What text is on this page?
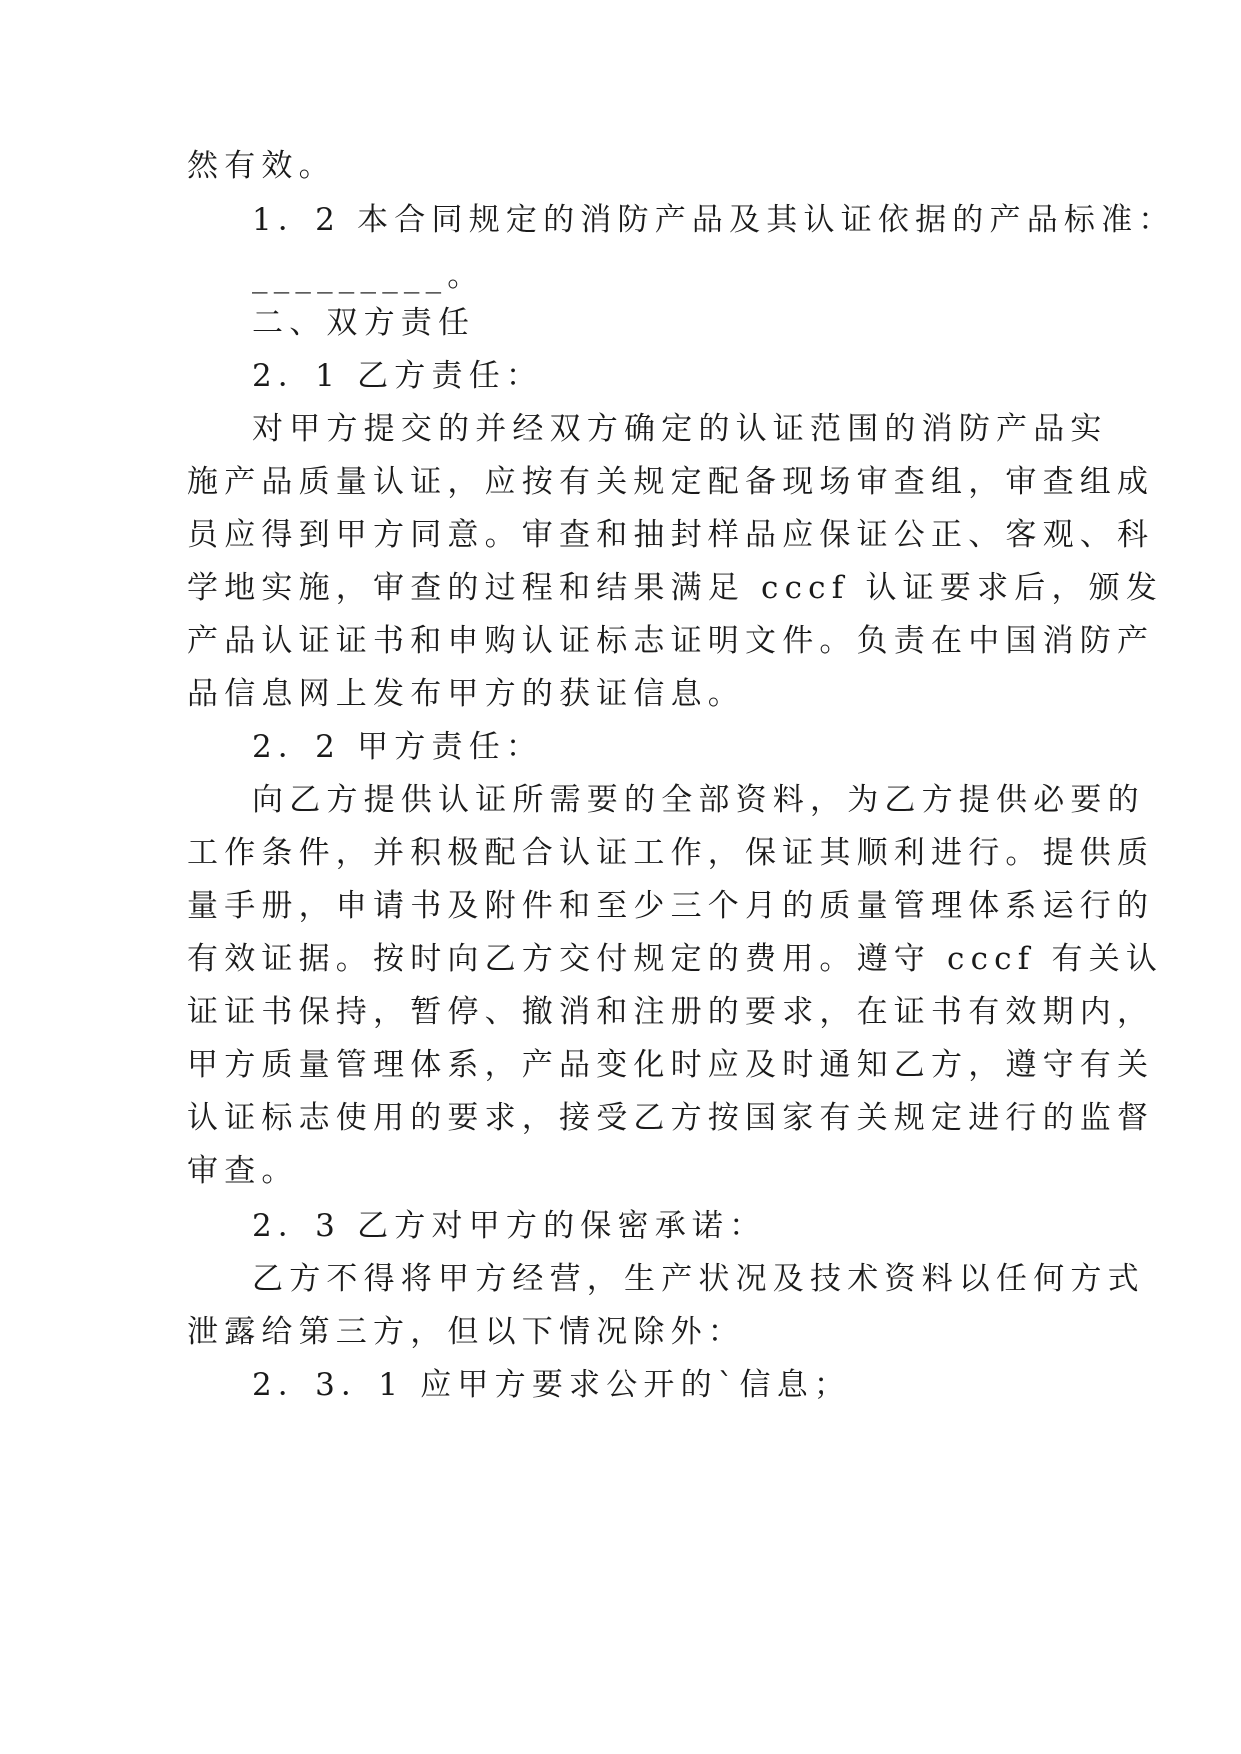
然有效。
1．2 本合同规定的消防产品及其认证依据的产品标准：
_________。
二、双方责任
2．1 乙方责任：
对甲方提交的并经双方确定的认证范围的消防产品实
施产品质量认证，应按有关规定配备现场审查组，审查组成
员应得到甲方同意。审查和抽封样品应保证公正、客观、科
学地实施，审查的过程和结果满足 cccf 认证要求后，颁发
产品认证证书和申购认证标志证明文件。负责在中国消防产
品信息网上发布甲方的获证信息。
2．2 甲方责任：
向乙方提供认证所需要的全部资料，为乙方提供必要的
工作条件，并积极配合认证工作，保证其顺利进行。提供质
量手册，申请书及附件和至少三个月的质量管理体系运行的
有效证据。按时向乙方交付规定的费用。遵守 cccf 有关认
证证书保持，暂停、撤消和注册的要求，在证书有效期内，
甲方质量管理体系，产品变化时应及时通知乙方，遵守有关
认证标志使用的要求，接受乙方按国家有关规定进行的监督
审查。
2．3 乙方对甲方的保密承诺：
乙方不得将甲方经营，生产状况及技术资料以任何方式
泄露给第三方，但以下情况除外：
2．3．1 应甲方要求公开的`信息；
